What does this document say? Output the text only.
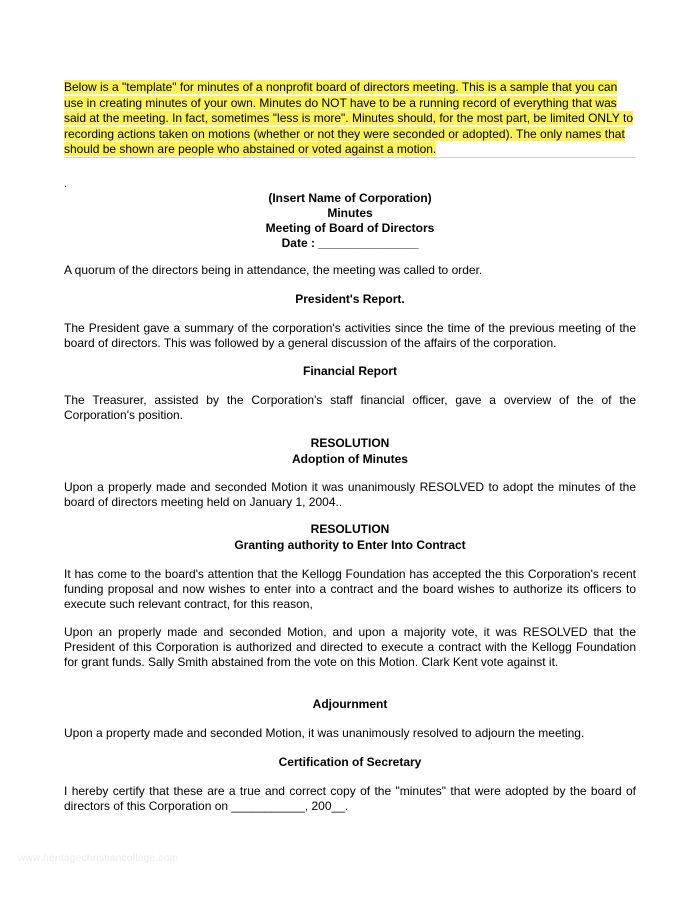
Below is a "template" for minutes of a nonprofit board of directors meeting. This is a sample that you can use in creating minutes of your own. Minutes do NOT have to be a running record of everything that was said at the meeting. In fact, sometimes "less is more". Minutes should, for the most part, be limited ONLY to recording actions taken on motions (whether or not they were seconded or adopted). The only names that should be shown are people who abstained or voted against a motion.
.
(Insert Name of Corporation)
Minutes
Meeting of Board of Directors
Date : _______________
A quorum of the directors being in attendance, the meeting was called to order.
President's Report.
The President gave a summary of the corporation's activities since the time of the previous meeting of the board of directors. This was followed by a general discussion of the affairs of the corporation.
Financial Report
The Treasurer, assisted by the Corporation's staff financial officer, gave a overview of the of the Corporation's position.
RESOLUTION
Adoption of Minutes
Upon a properly made and seconded Motion it was unanimously RESOLVED to adopt the minutes of the board of directors meeting held on January 1, 2004..
RESOLUTION
Granting authority to Enter Into Contract
It has come to the board's attention that the Kellogg Foundation has accepted the this Corporation's recent funding proposal and now wishes to enter into a contract and the board wishes to authorize its officers to execute such relevant contract, for this reason,
Upon an properly made and seconded Motion, and upon a majority vote, it was RESOLVED that the President of this Corporation is authorized and directed to execute a contract with the Kellogg Foundation for grant funds. Sally Smith abstained from the vote on this Motion. Clark Kent vote against it.
Adjournment
Upon a property made and seconded Motion, it was unanimously resolved to adjourn the meeting.
Certification of Secretary
I hereby certify that these are a true and correct copy of the "minutes" that were adopted by the board of directors of this Corporation on ___________, 200__.
www.heritagechristiancollege.com
